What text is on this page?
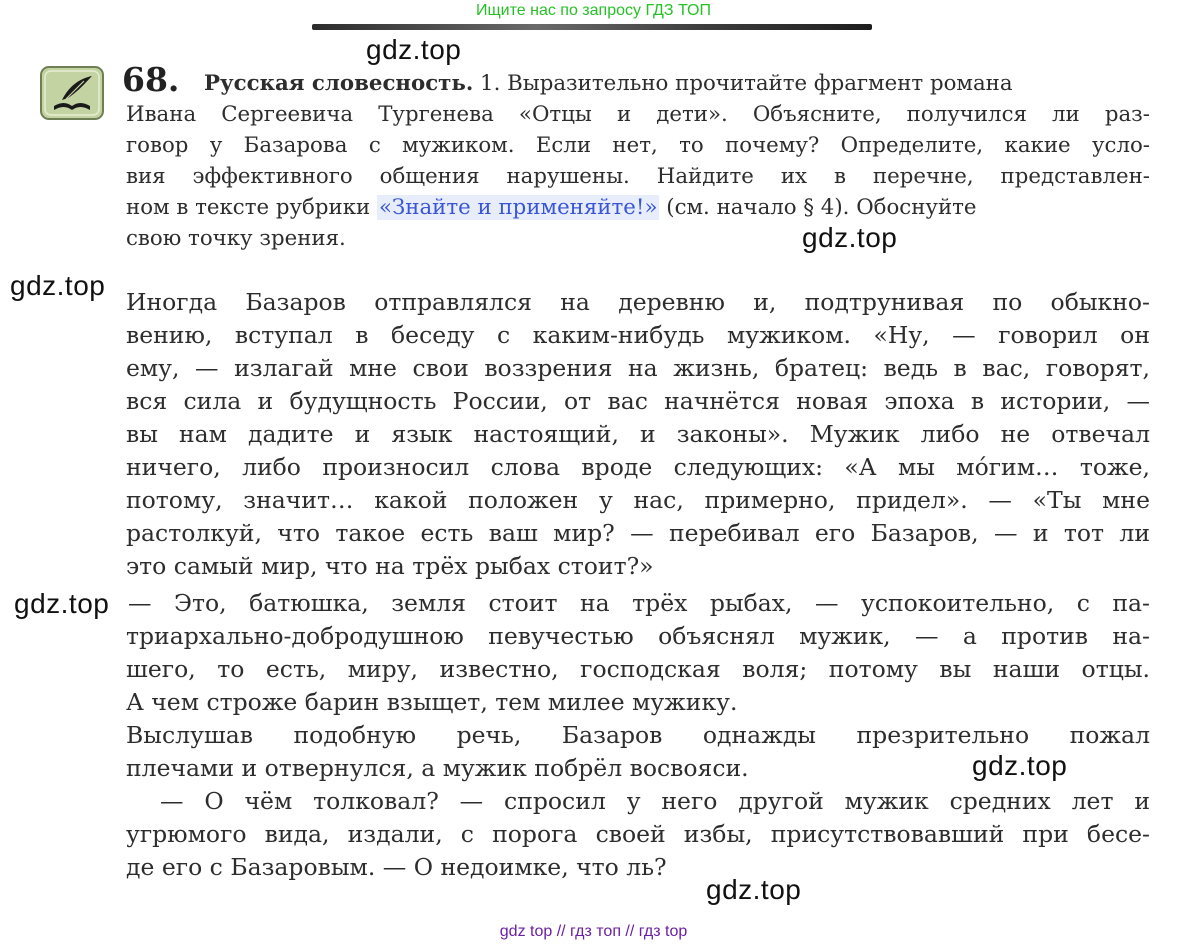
Ищите нас по запросу ГДЗ ТОП
gdz.top
gdz.top
gdz.top
gdz.top
gdz.top
gdz.top
68. Русская словесность. 1. Выразительно прочитайте фрагмент романа
Ивана Сергеевича Тургенева «Отцы и дети». Объясните, получился ли раз-
говор у Базарова с мужиком. Если нет, то почему? Определите, какие усло-
вия эффективного общения нарушены. Найдите их в перечне, представлен-
ном в тексте рубрики «Знайте и применяйте!» (см. начало § 4). Обоснуйте
свою точку зрения.
Иногда Базаров отправлялся на деревню и, подтрунивая по обыкно-
вению, вступал в беседу с каким-нибудь мужиком. «Ну, — говорил он
ему, — излагай мне свои воззрения на жизнь, братец: ведь в вас, говорят,
вся сила и будущность России, от вас начнётся новая эпоха в истории, —
вы нам дадите и язык настоящий, и законы». Мужик либо не отвечал
ничего, либо произносил слова вроде следующих: «А мы мо́гим… тоже,
потому, значит… какой положен у нас, примерно, придел». — «Ты мне
растолкуй, что такое есть ваш мир? — перебивал его Базаров, — и тот ли
это самый мир, что на трёх рыбах стоит?»
— Это, батюшка, земля стоит на трёх рыбах, — успокоительно, с па-
триархально-добродушною певучестью объяснял мужик, — а против на-
шего, то есть, миру, известно, господская воля; потому вы наши отцы.
А чем строже барин взыщет, тем милее мужику.
Выслушав подобную речь, Базаров однажды презрительно пожал
плечами и отвернулся, а мужик побрёл восвояси.
— О чём толковал? — спросил у него другой мужик средних лет и
угрюмого вида, издали, с порога своей избы, присутствовавший при бесе-
де его с Базаровым. — О недоимке, что ль?
gdz top // гдз топ // гдз top
